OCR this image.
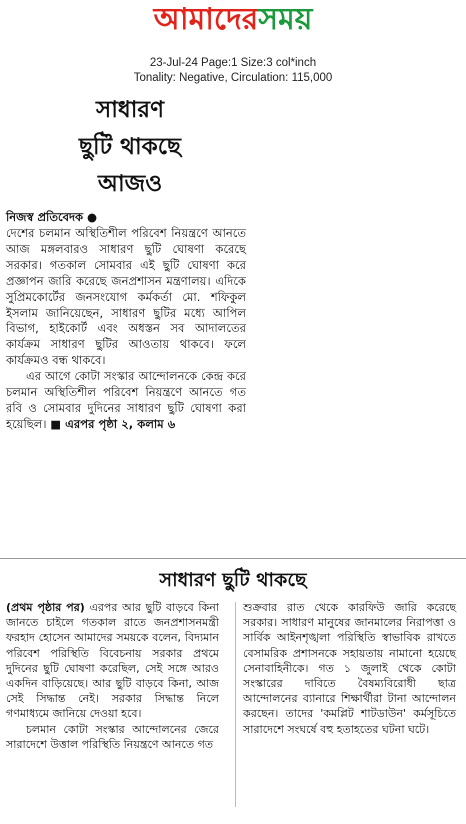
আমাদেরসময়
23-Jul-24 Page:1 Size:3 col*inch
Tonality: Negative, Circulation: 115,000
সাধারণ
ছুটি থাকছে
আজও
নিজস্ব প্রতিবেদক ●

দেশের চলমান অস্থিতিশীল পরিবেশ নিয়ন্ত্রণে আনতে আজ মঙ্গলবারও সাধারণ ছুটি ঘোষণা করেছে সরকার। গতকাল সোমবার এই ছুটি ঘোষণা করে প্রজ্ঞাপন জারি করেছে জনপ্রশাসন মন্ত্রণালয়। এদিকে সুপ্রিমকোর্টের জনসংযোগ কর্মকর্তা মো. শফিকুল ইসলাম জানিয়েছেন, সাধারণ ছুটির মধ্যে আপিল বিভাগ, হাইকোর্ট এবং অধস্তন সব আদালতের কার্যক্রম সাধারণ ছুটির আওতায় থাকবে। ফলে কার্যক্রমও বন্ধ থাকবে।

এর আগে কোটা সংস্কার আন্দোলনকে কেন্দ্র করে চলমান অস্থিতিশীল পরিবেশ নিয়ন্ত্রণে আনতে গত রবি ও সোমবার দুদিনের সাধারণ ছুটি ঘোষণা করা হয়েছিল। ■ এরপর পৃষ্ঠা ২, কলাম ৬

সাধারণ ছুটি থাকছে

(প্রথম পৃষ্ঠার পর) এরপর আর ছুটি বাড়বে কিনা জানতে চাইলে গতকাল রাতে জনপ্রশাসনমন্ত্রী ফরহাদ হোসেন আমাদের সময়কে বলেন, বিদ্যমান পরিবেশ পরিস্থিতি বিবেচনায় সরকার প্রথমে দুদিনের ছুটি ঘোষণা করেছিল, সেই সঙ্গে আরও একদিন বাড়িয়েছে। আর ছুটি বাড়বে কিনা, আজ সেই সিদ্ধান্ত নেই। সরকার সিদ্ধান্ত নিলে গণমাধ্যমে জানিয়ে দেওয়া হবে।

চলমান কোটা সংস্কার আন্দোলনের জেরে সারাদেশে উত্তাল পরিস্থিতি নিয়ন্ত্রণে আনতে গত

শুক্রবার রাত থেকে কারফিউ জারি করেছে সরকার। সাধারণ মানুষের জানমালের নিরাপত্তা ও সার্বিক আইনশৃঙ্খলা পরিস্থিতি স্বাভাবিক রাখতে বেসামরিক প্রশাসনকে সহায়তায় নামানো হয়েছে সেনাবাহিনীকে। গত ১ জুলাই থেকে কোটা সংস্কারের দাবিতে বৈষম্যবিরোধী ছাত্র আন্দোলনের ব্যানারে শিক্ষার্থীরা টানা আন্দোলন করছেন। তাদের 'কমপ্লিট শাটডাউন' কর্মসূচিতে সারাদেশে সংঘর্ষে বহু হতাহতের ঘটনা ঘটে।
